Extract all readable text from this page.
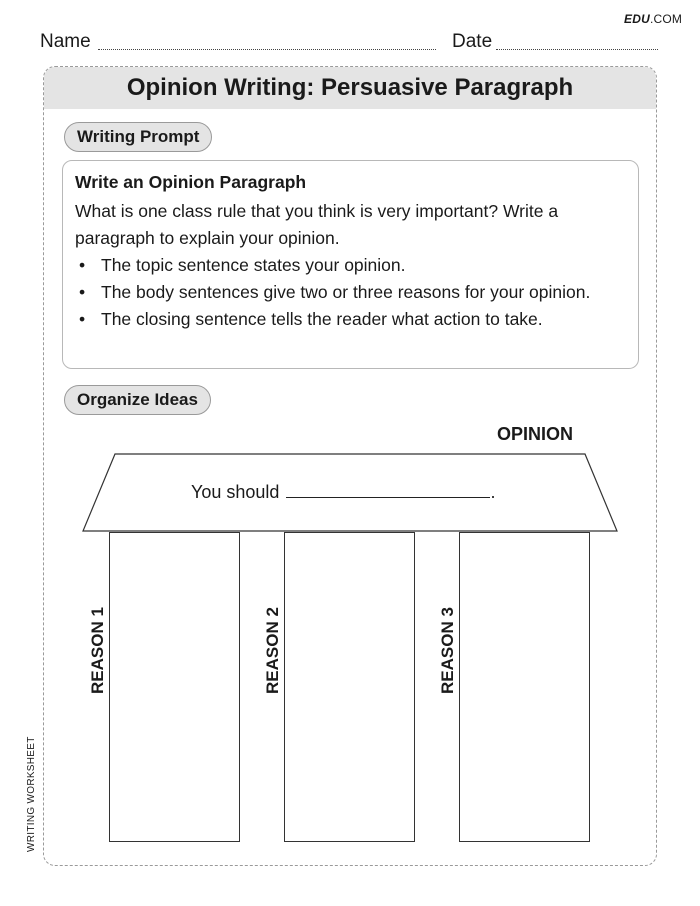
EDU.COM
Name	Date
Opinion Writing: Persuasive Paragraph
Writing Prompt
Write an Opinion Paragraph
What is one class rule that you think is very important? Write a paragraph to explain your opinion.
• The topic sentence states your opinion.
• The body sentences give two or three reasons for your opinion.
• The closing sentence tells the reader what action to take.
Organize Ideas
OPINION
You should	.
REASON 1	REASON 2	REASON 3
WRITING WORKSHEET
